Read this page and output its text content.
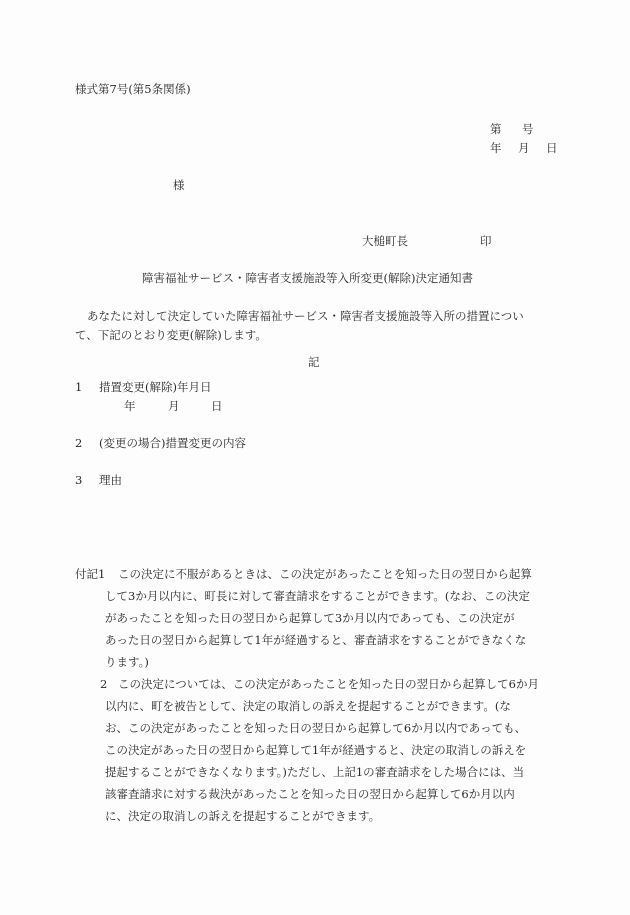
様式第7号(第5条関係)
第 号
年 月 日
様
大槌町長	印
障害福祉サービス・障害者支援施設等入所変更(解除)決定通知書
あなたに対して決定していた障害福祉サービス・障害者支援施設等入所の措置につい
て、下記のとおり変更(解除)します。
記
1 措置変更(解除)年月日
年	月	日
2 (変更の場合)措置変更の内容
3 理由
付記1 この決定に不服があるときは、この決定があったことを知った日の翌日から起算
して3か月以内に、町長に対して審査請求をすることができます。(なお、この決定
があったことを知った日の翌日から起算して3か月以内であっても、この決定が
あった日の翌日から起算して1年が経過すると、審査請求をすることができなくな
ります。)
2 この決定については、この決定があったことを知った日の翌日から起算して6か月
以内に、町を被告として、決定の取消しの訴えを提起することができます。(な
お、この決定があったことを知った日の翌日から起算して6か月以内であっても、
この決定があった日の翌日から起算して1年が経過すると、決定の取消しの訴えを
提起することができなくなります。)ただし、上記1の審査請求をした場合には、当
該審査請求に対する裁決があったことを知った日の翌日から起算して6か月以内
に、決定の取消しの訴えを提起することができます。
